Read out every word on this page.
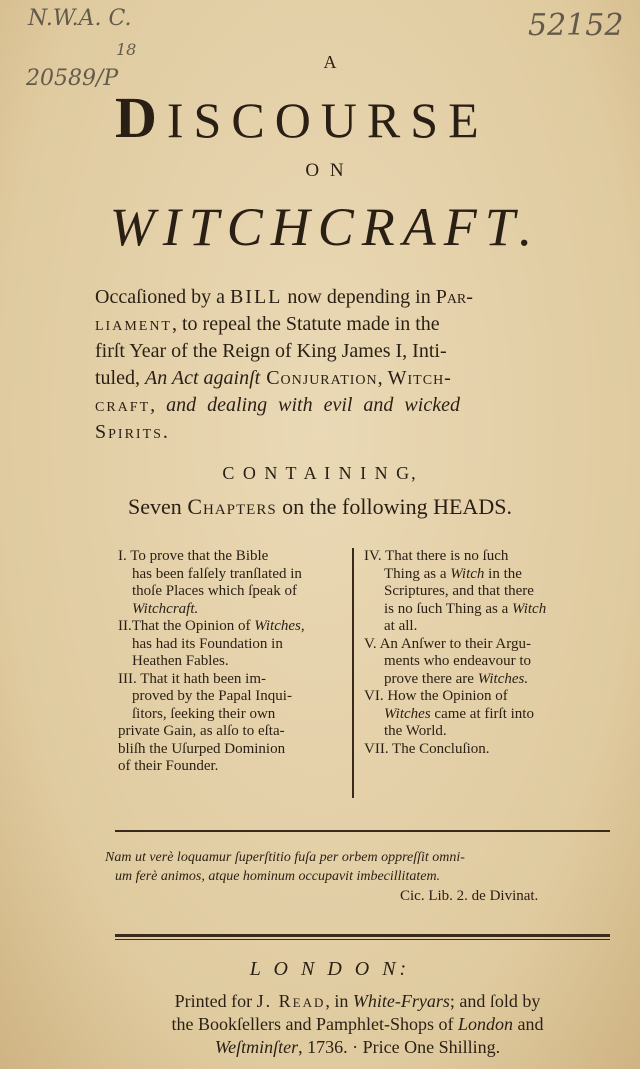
N.W.A. C.
18
20589/P
52152
A
DISCOURSE
O N
WITCHCRAFT.
Occaſioned by a BILL now depending in Par-
liament, to repeal the Statute made in the
firſt Year of the Reign of King James I, Inti-
tuled, An Act againſt Conjuration, Witch-
craft, and dealing with evil and wicked
Spirits.
C O N T A I N I N G,
Seven Chapters on the following HEADS.
I. To prove that the Bible
has been falſely tranſlated in
thoſe Places which ſpeak of
Witchcraft.
II.That the Opinion of Witches,
has had its Foundation in
Heathen Fables.
III. That it hath been im-
proved by the Papal Inqui-
ſitors, ſeeking their own
private Gain, as alſo to eſta-
bliſh the Uſurped Dominion
of their Founder.
IV. That there is no ſuch
Thing as a Witch in the
Scriptures, and that there
is no ſuch Thing as a Witch
at all.
V. An Anſwer to their Argu-
ments who endeavour to
prove there are Witches.
VI. How the Opinion of
Witches came at firſt into
the World.
VII. The Concluſion.
Nam ut verè loquamur ſuperſtitio fuſa per orbem oppreſſit omni-
um ferè animos, atque hominum occupavit imbecillitatem.
Cic. Lib. 2. de Divinat.
L O N D O N:
Printed for J. Read, in White-Fryars; and ſold by
the Bookſellers and Pamphlet-Shops of London and
Weſtminſter, 1736. · Price One Shilling.
